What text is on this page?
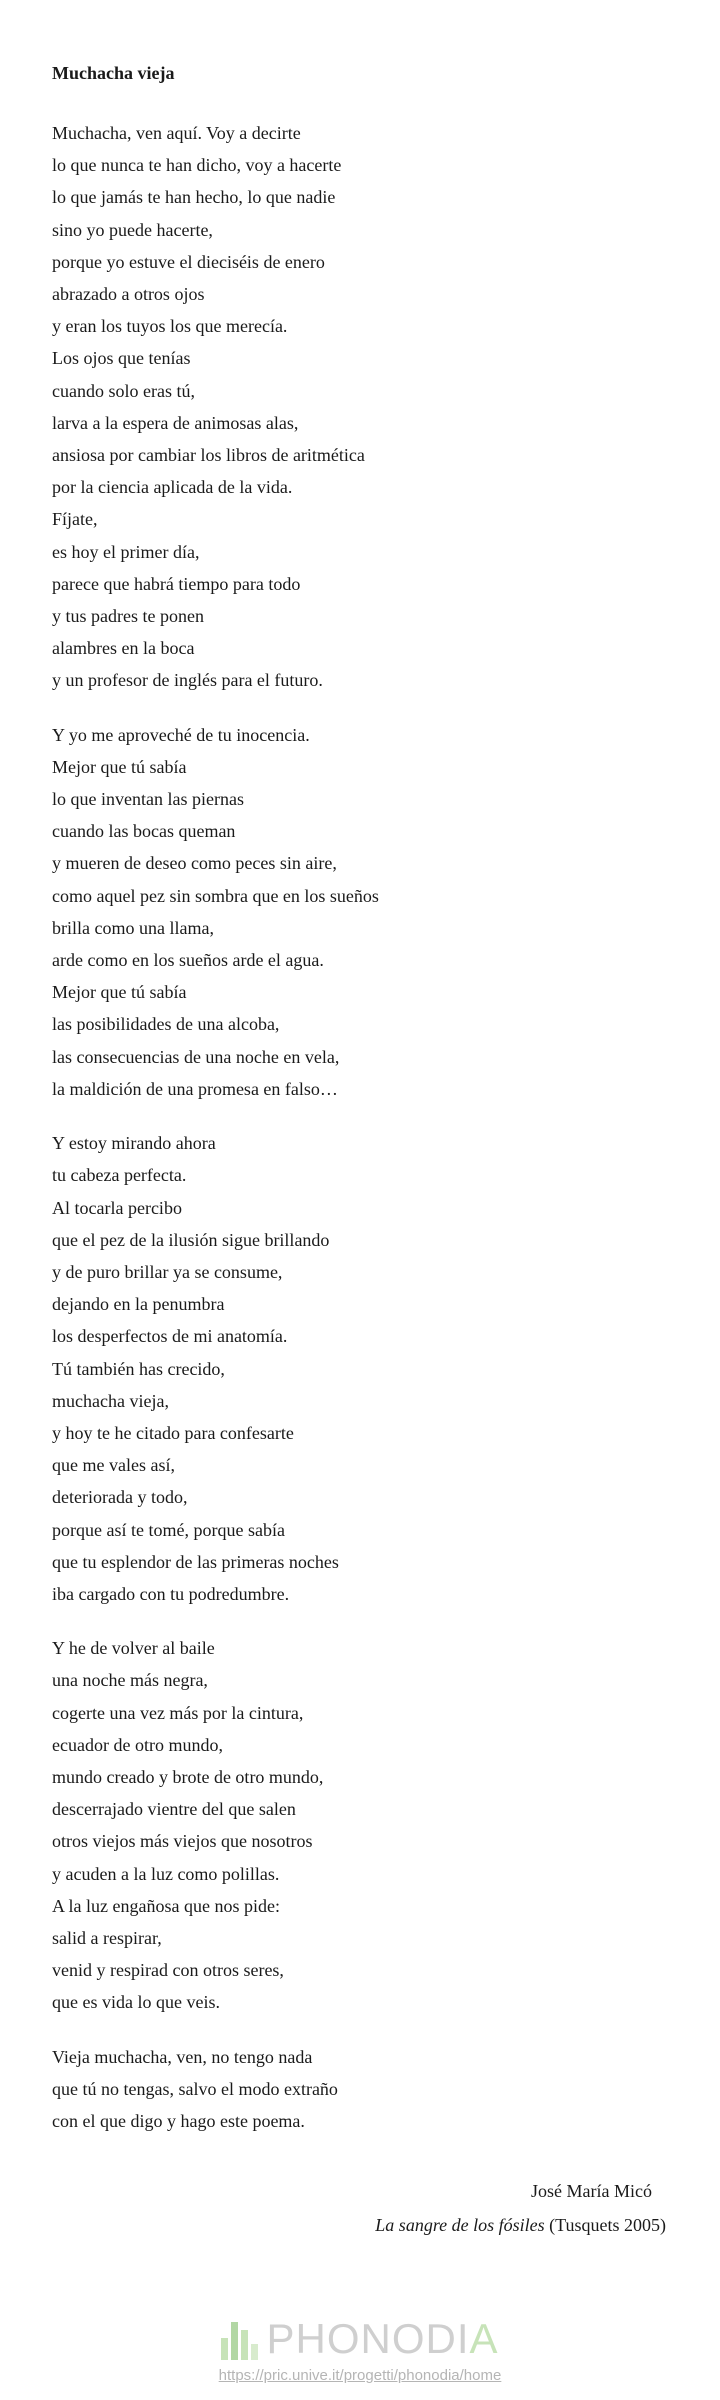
Muchacha vieja

Muchacha, ven aquí. Voy a decirte
lo que nunca te han dicho, voy a hacerte
lo que jamás te han hecho, lo que nadie
sino yo puede hacerte,
porque yo estuve el dieciséis de enero
abrazado a otros ojos
y eran los tuyos los que merecía.
Los ojos que tenías
cuando solo eras tú,
larva a la espera de animosas alas,
ansiosa por cambiar los libros de aritmética
por la ciencia aplicada de la vida.
Fíjate,
es hoy el primer día,
parece que habrá tiempo para todo
y tus padres te ponen
alambres en la boca
y un profesor de inglés para el futuro.

Y yo me aproveché de tu inocencia.
Mejor que tú sabía
lo que inventan las piernas
cuando las bocas queman
y mueren de deseo como peces sin aire,
como aquel pez sin sombra que en los sueños
brilla como una llama,
arde como en los sueños arde el agua.
Mejor que tú sabía
las posibilidades de una alcoba,
las consecuencias de una noche en vela,
la maldición de una promesa en falso…

Y estoy mirando ahora
tu cabeza perfecta.
Al tocarla percibo
que el pez de la ilusión sigue brillando
y de puro brillar ya se consume,
dejando en la penumbra
los desperfectos de mi anatomía.
Tú también has crecido,
muchacha vieja,
y hoy te he citado para confesarte
que me vales así,
deteriorada y todo,
porque así te tomé, porque sabía
que tu esplendor de las primeras noches
iba cargado con tu podredumbre.

Y he de volver al baile
una noche más negra,
cogerte una vez más por la cintura,
ecuador de otro mundo,
mundo creado y brote de otro mundo,
descerrajado vientre del que salen
otros viejos más viejos que nosotros
y acuden a la luz como polillas.
A la luz engañosa que nos pide:
salid a respirar,
venid y respirad con otros seres,
que es vida lo que veis.

Vieja muchacha, ven, no tengo nada
que tú no tengas, salvo el modo extraño
con el que digo y hago este poema.

José María Micó
La sangre de los fósiles (Tusquets 2005)
PHONODIA
https://pric.unive.it/progetti/phonodia/home
